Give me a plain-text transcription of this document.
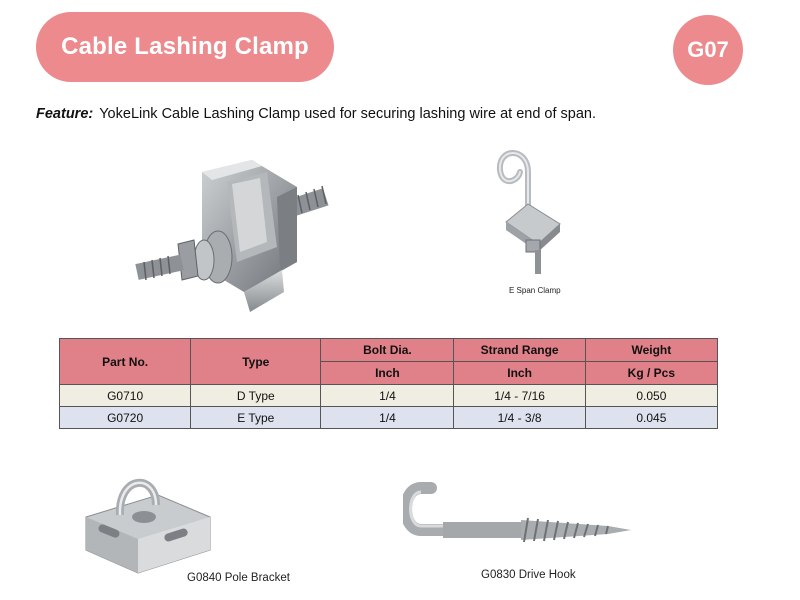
Cable Lashing Clamp	G07
Feature: YokeLink Cable Lashing Clamp used for securing lashing wire at end of span.
E Span Clamp
Part No.	Type	Bolt Dia.	Strand Range	Weight
		Inch	Inch	Kg / Pcs
G0710	D Type	1/4	1/4 - 7/16	0.050
G0720	E Type	1/4	1/4 - 3/8	0.045
G0840 Pole Bracket	G0830 Drive Hook
